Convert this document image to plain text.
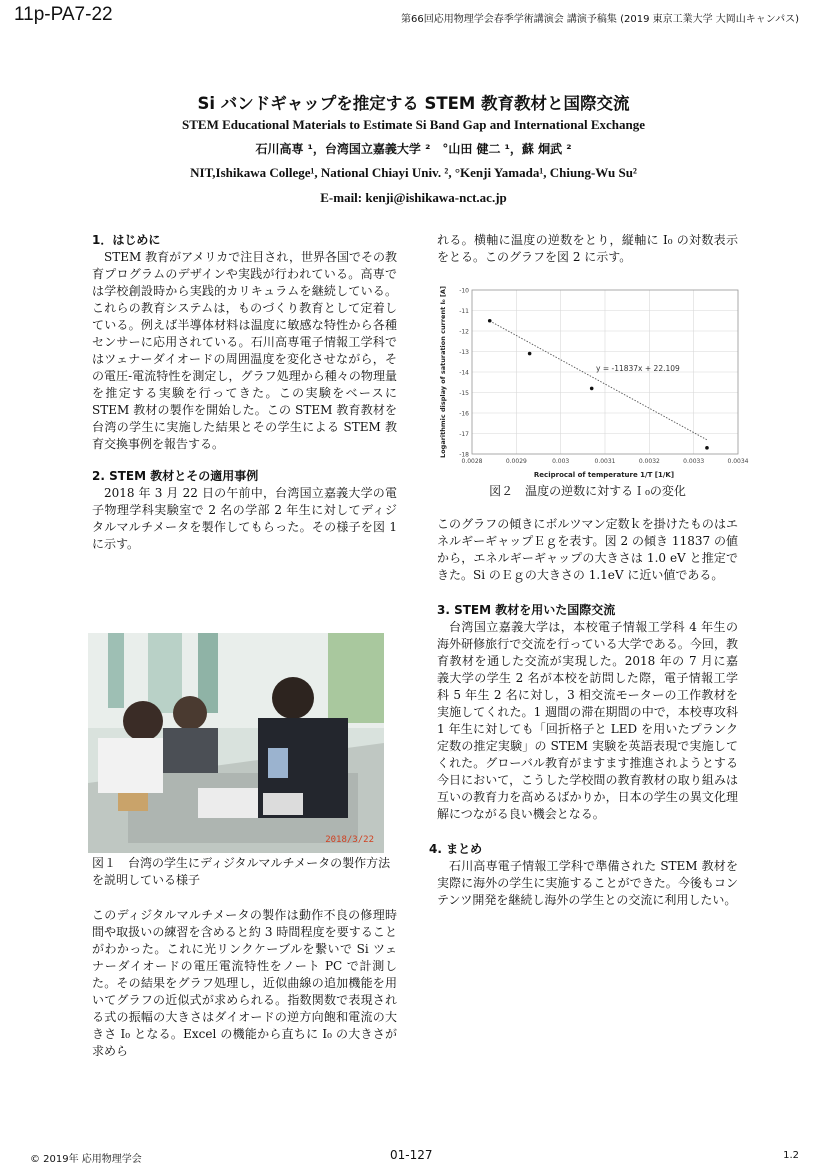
11p-PA7-22	第66回応用物理学会春季学術講演会 講演予稿集 (2019 東京工業大学 大岡山キャンパス)
Si バンドギャップを推定する STEM 教育教材と国際交流
STEM Educational Materials to Estimate Si Band Gap and International Exchange
石川高専 ¹，台湾国立嘉義大学 ²　°山田 健二 ¹，蘇 炯武 ²
NIT,Ishikawa College¹, National Chiayi Univ. ², °Kenji Yamada¹, Chiung-Wu Su²
E-mail: kenji@ishikawa-nct.ac.jp
1．はじめに

STEM 教育がアメリカで注目され，世界各国でその教育プログラムのデザインや実践が行われている。高専では学校創設時から実践的カリキュラムを継続している。これらの教育システムは，ものづくり教育として定着している。例えば半導体材料は温度に敏感な特性から各種センサーに応用されている。石川高専電子情報工学科ではツェナーダイオードの周囲温度を変化させながら，その電圧-電流特性を測定し，グラフ処理から種々の物理量を推定する実験を行ってきた。この実験をベースに STEM 教材の製作を開始した。この STEM 教育教材を台湾の学生に実施した結果とその学生による STEM 教育交換事例を報告する。

2. STEM 教材とその適用事例

2018 年 3 月 22 日の午前中，台湾国立嘉義大学の電子物理学科実験室で 2 名の学部 2 年生に対してディジタルマルチメータを製作してもらった。その様子を図 1 に示す。

2018/3/22

図１　台湾の学生にディジタルマルチメータの製作方法を説明している様子

このディジタルマルチメータの製作は動作不良の修理時間や取扱いの練習を含めると約 3 時間程度を要することがわかった。これに光リンクケーブルを繋いで Si ツェナーダイオードの電圧電流特性をノート PC で計測した。その結果をグラフ処理し，近似曲線の追加機能を用いてグラフの近似式が求められる。指数関数で表現される式の振幅の大きさはダイオードの逆方向飽和電流の大きさ I₀ となる。Excel の機能から直ちに I₀ の大きさが求めら

れる。横軸に温度の逆数をとり，縦軸に I₀ の対数表示をとる。このグラフを図 2 に示す。

-10
-11
-12
-13
-14
-15
-16
-17
-18
0.0028	0.0029	0.003	0.0031	0.0032	0.0033	0.0034
y = -11837x + 22.109
Reciprocal of temperature 1/T [1/K]
Logarithmic display of saturation current I₀ [A]
図２　温度の逆数に対するＩ₀の変化

このグラフの傾きにボルツマン定数ｋを掛けたものはエネルギーギャップＥｇを表す。図 2 の傾き 11837 の値から，エネルギーギャップの大きさは 1.0 eV と推定できた。Si のＥｇの大きさの 1.1eV に近い値である。

3. STEM 教材を用いた国際交流

台湾国立嘉義大学は，本校電子情報工学科 4 年生の海外研修旅行で交流を行っている大学である。今回，教育教材を通した交流が実現した。2018 年の 7 月に嘉義大学の学生 2 名が本校を訪問した際，電子情報工学科 5 年生 2 名に対し，3 相交流モーターの工作教材を実施してくれた。1 週間の滞在期間の中で，本校専攻科 1 年生に対しても「回折格子と LED を用いたプランク定数の推定実験」の STEM 実験を英語表現で実施してくれた。グローバル教育がますます推進されようとする今日において，こうした学校間の教育教材の取り組みは互いの教育力を高めるばかりか，日本の学生の異文化理解につながる良い機会となる。

4. まとめ

石川高専電子情報工学科で準備された STEM 教材を実際に海外の学生に実施することができた。今後もコンテンツ開発を継続し海外の学生との交流に利用したい。

© 2019年 応用物理学会	01-127	1.2
